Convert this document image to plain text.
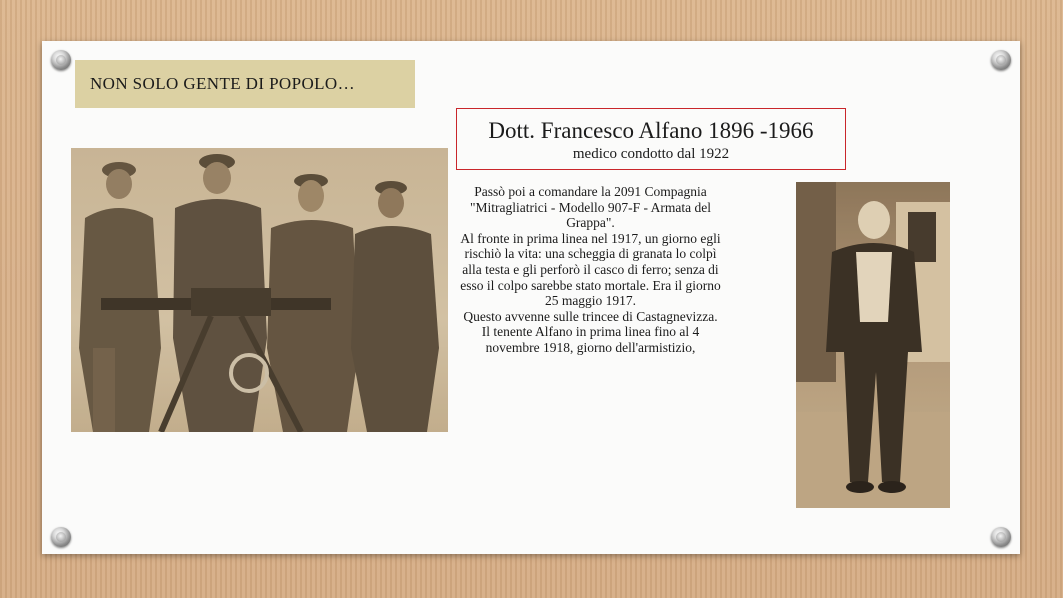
NON SOLO GENTE DI POPOLO…
Dott. Francesco Alfano 1896 -1966
medico condotto dal 1922

Passò poi a comandare la 2091 Compagnia "Mitragliatrici - Modello 907-F - Armata del Grappa".

Al fronte in prima linea nel 1917, un giorno egli rischiò la vita: una scheggia di granata lo colpì alla testa e gli perforò il casco di ferro; senza di esso il colpo sarebbe stato mortale. Era il giorno 25 maggio 1917.

Questo avvenne sulle trincee di Castagnevizza.

Il tenente Alfano in prima linea fino al 4 novembre 1918, giorno dell'armistizio,
